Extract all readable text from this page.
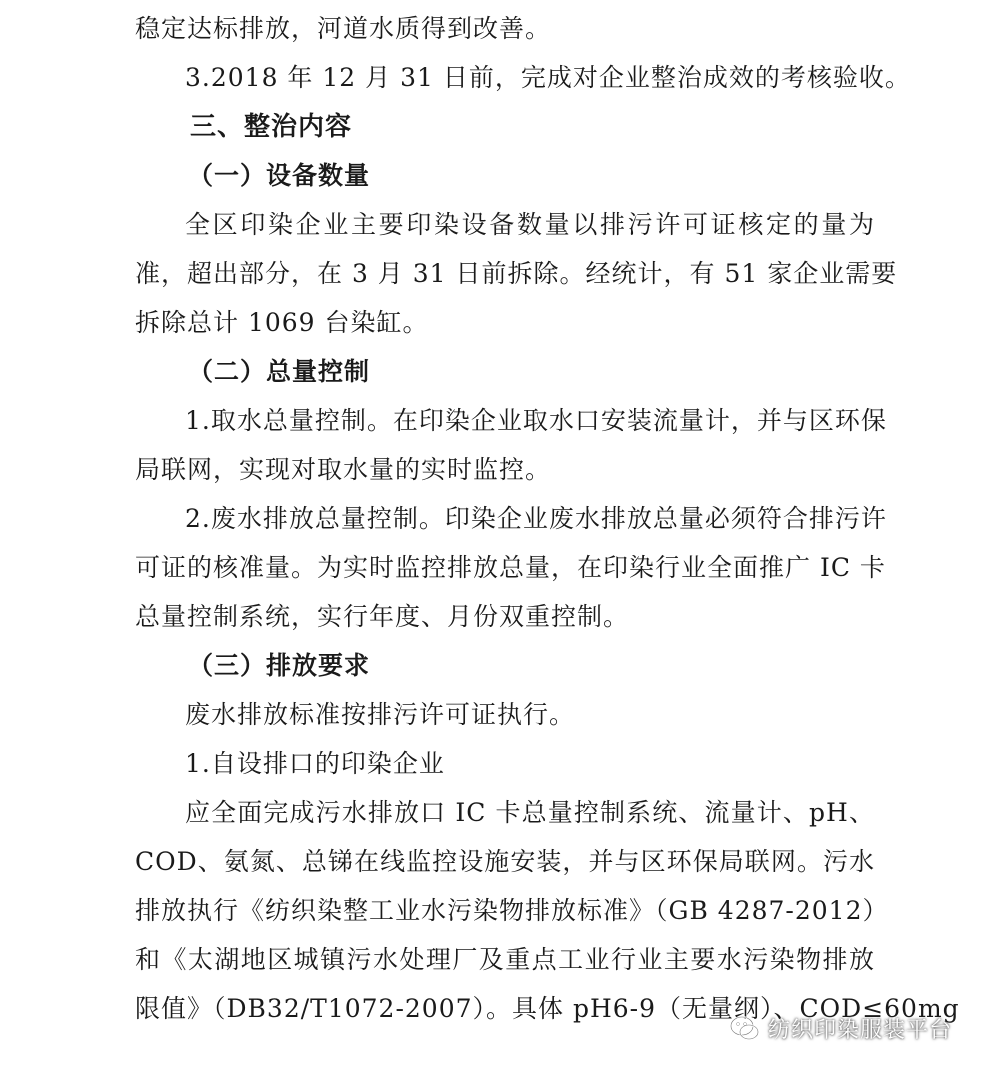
稳定达标排放，河道水质得到改善。
3.2018 年 12 月 31 日前，完成对企业整治成效的考核验收。
三、整治内容
（一）设备数量
全区印染企业主要印染设备数量以排污许可证核定的量为
准，超出部分，在 3 月 31 日前拆除。经统计，有 51 家企业需要
拆除总计 1069 台染缸。
（二）总量控制
1.取水总量控制。在印染企业取水口安装流量计，并与区环保
局联网，实现对取水量的实时监控。
2.废水排放总量控制。印染企业废水排放总量必须符合排污许
可证的核准量。为实时监控排放总量，在印染行业全面推广 IC 卡
总量控制系统，实行年度、月份双重控制。
（三）排放要求
废水排放标准按排污许可证执行。
1.自设排口的印染企业
应全面完成污水排放口 IC 卡总量控制系统、流量计、pH、
COD、氨氮、总锑在线监控设施安装，并与区环保局联网。污水
排放执行《纺织染整工业水污染物排放标准》（GB 4287-2012）
和《太湖地区城镇污水处理厂及重点工业行业主要水污染物排放
限值》（DB32/T1072-2007）。具体 pH6-9（无量纲）、COD≤60mg
纺织印染服装平台
